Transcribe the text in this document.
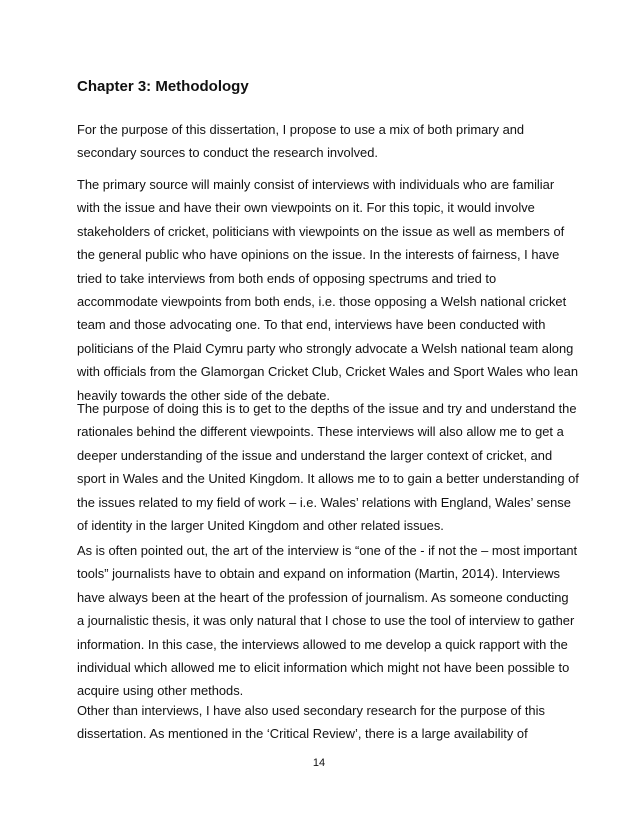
Chapter 3: Methodology
For the purpose of this dissertation, I propose to use a mix of both primary and
secondary sources to conduct the research involved.
The primary source will mainly consist of interviews with individuals who are familiar
with the issue and have their own viewpoints on it. For this topic, it would involve
stakeholders of cricket, politicians with viewpoints on the issue as well as members of
the general public who have opinions on the issue. In the interests of fairness, I have
tried to take interviews from both ends of opposing spectrums and tried to
accommodate viewpoints from both ends, i.e. those opposing a Welsh national cricket
team and those advocating one. To that end, interviews have been conducted with
politicians of the Plaid Cymru party who strongly advocate a Welsh national team along
with officials from the Glamorgan Cricket Club, Cricket Wales and Sport Wales who lean
heavily towards the other side of the debate.
The purpose of doing this is to get to the depths of the issue and try and understand the
rationales behind the different viewpoints. These interviews will also allow me to get a
deeper understanding of the issue and understand the larger context of cricket, and
sport in Wales and the United Kingdom. It allows me to to gain a better understanding of
the issues related to my field of work – i.e. Wales’ relations with England, Wales’ sense
of identity in the larger United Kingdom and other related issues.
As is often pointed out, the art of the interview is “one of the - if not the – most important
tools” journalists have to obtain and expand on information (Martin, 2014). Interviews
have always been at the heart of the profession of journalism. As someone conducting
a journalistic thesis, it was only natural that I chose to use the tool of interview to gather
information. In this case, the interviews allowed to me develop a quick rapport with the
individual which allowed me to elicit information which might not have been possible to
acquire using other methods.
Other than interviews, I have also used secondary research for the purpose of this
dissertation. As mentioned in the ‘Critical Review’, there is a large availability of
14
